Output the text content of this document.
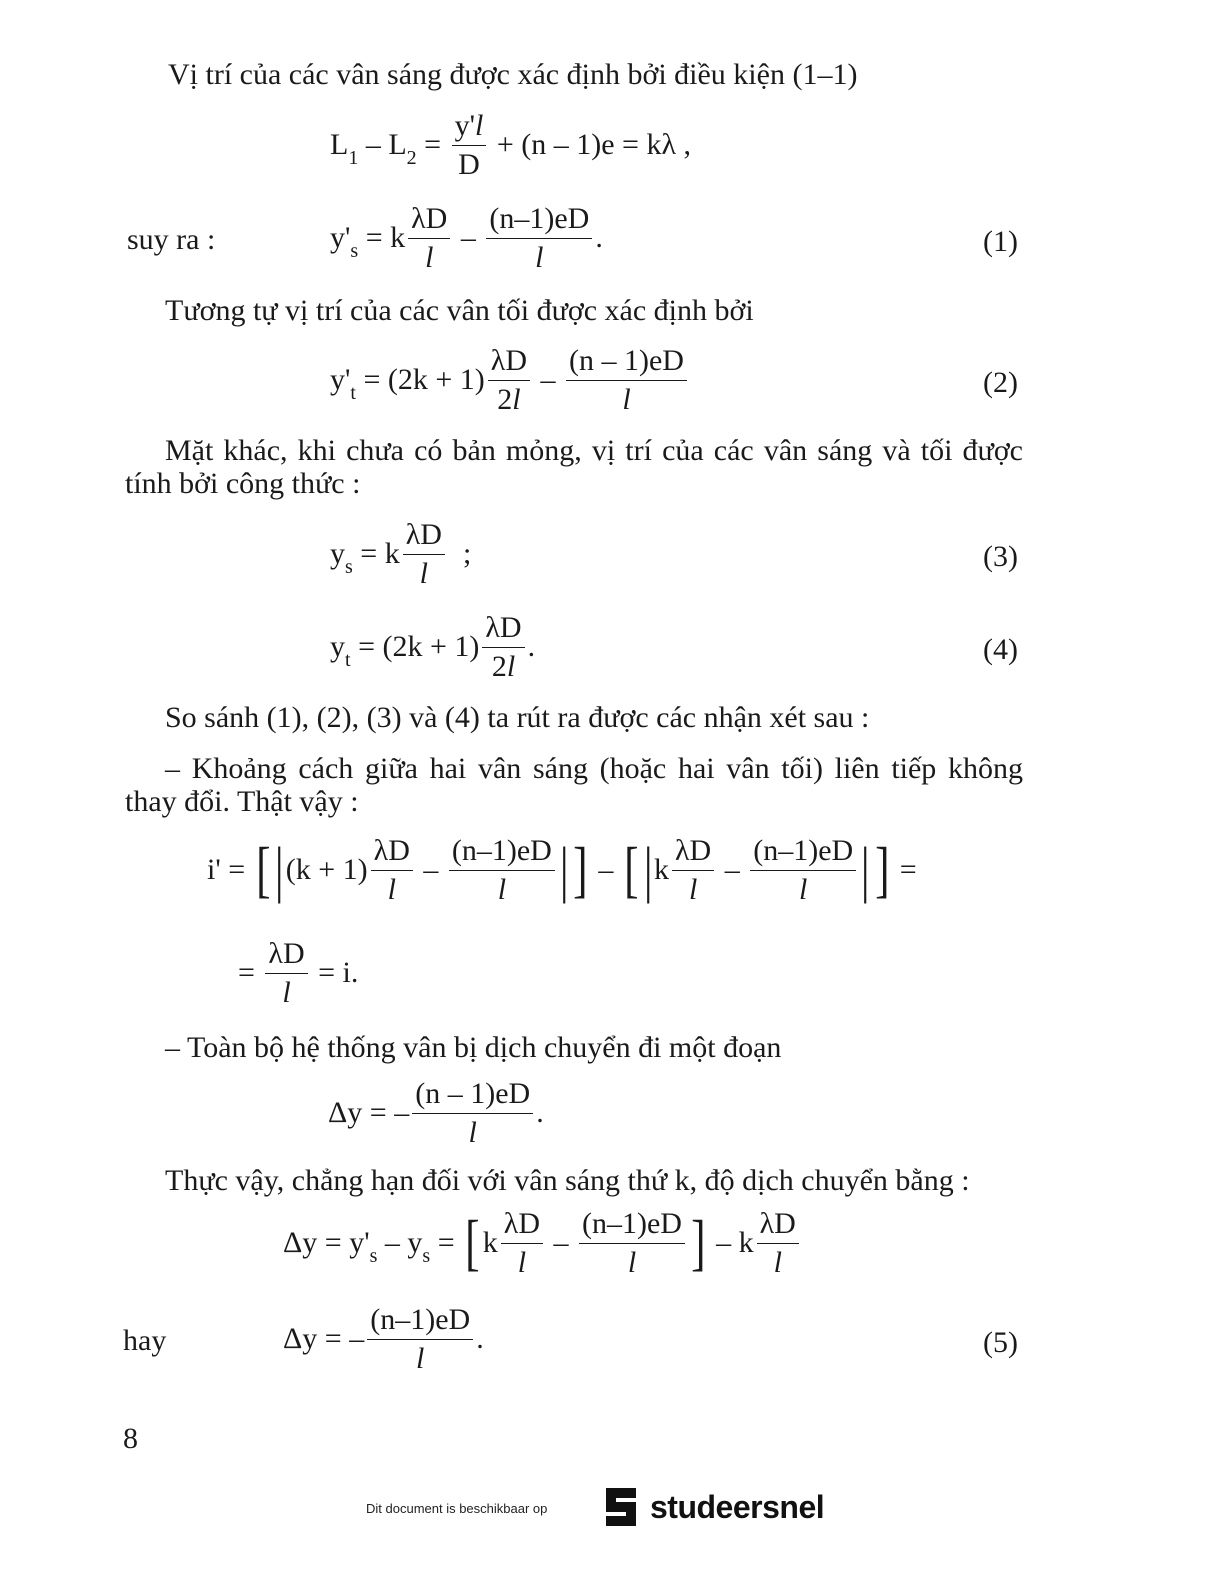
Vị trí của các vân sáng được xác định bởi điều kiện (1–1)
$L_1 - L_2 = \frac{y'l}{D} + (n - 1)e = k\lambda$ ,
suy ra :	$y'_s = k \frac{\lambda D}{l} - \frac{(n-1)eD}{l}$ .	(1)
Tương tự vị trí của các vân tối được xác định bởi
$y'_t = (2k + 1) \frac{\lambda D}{2l} - \frac{(n - 1)eD}{l}$	(2)
Mặt khác, khi chưa có bản mỏng, vị trí của các vân sáng và tối được tính bởi công thức :
$y_s = k \frac{\lambda D}{l}$ ;	(3)
$y_t = (2k + 1) \frac{\lambda D}{2l}$ .	(4)
So sánh (1), (2), (3) và (4) ta rút ra được các nhận xét sau :
– Khoảng cách giữa hai vân sáng (hoặc hai vân tối) liên tiếp không thay đổi. Thật vậy :
i' = [ | $(k + 1) \frac{\lambda D}{l} - \frac{(n-1)eD}{l}$ | ] – [ | k $\frac{\lambda D}{l} - \frac{(n-1)eD}{l}$ | ] =
= $\frac{\lambda D}{l} = i$.
– Toàn bộ hệ thống vân bị dịch chuyển đi một đoạn
Δy = – $\frac{(n - 1)eD}{l}$ .
Thực vậy, chẳng hạn đối với vân sáng thứ k, độ dịch chuyển bằng :
$\Delta y = y'_s - y_s$ = [ k $\frac{\lambda D}{l} - \frac{(n-1)eD}{l}$ ] – k $\frac{\lambda D}{l}$
hay	Δy = – $\frac{(n-1)eD}{l}$ .	(5)
8
Dit document is beschikbaar op	studeersnel
